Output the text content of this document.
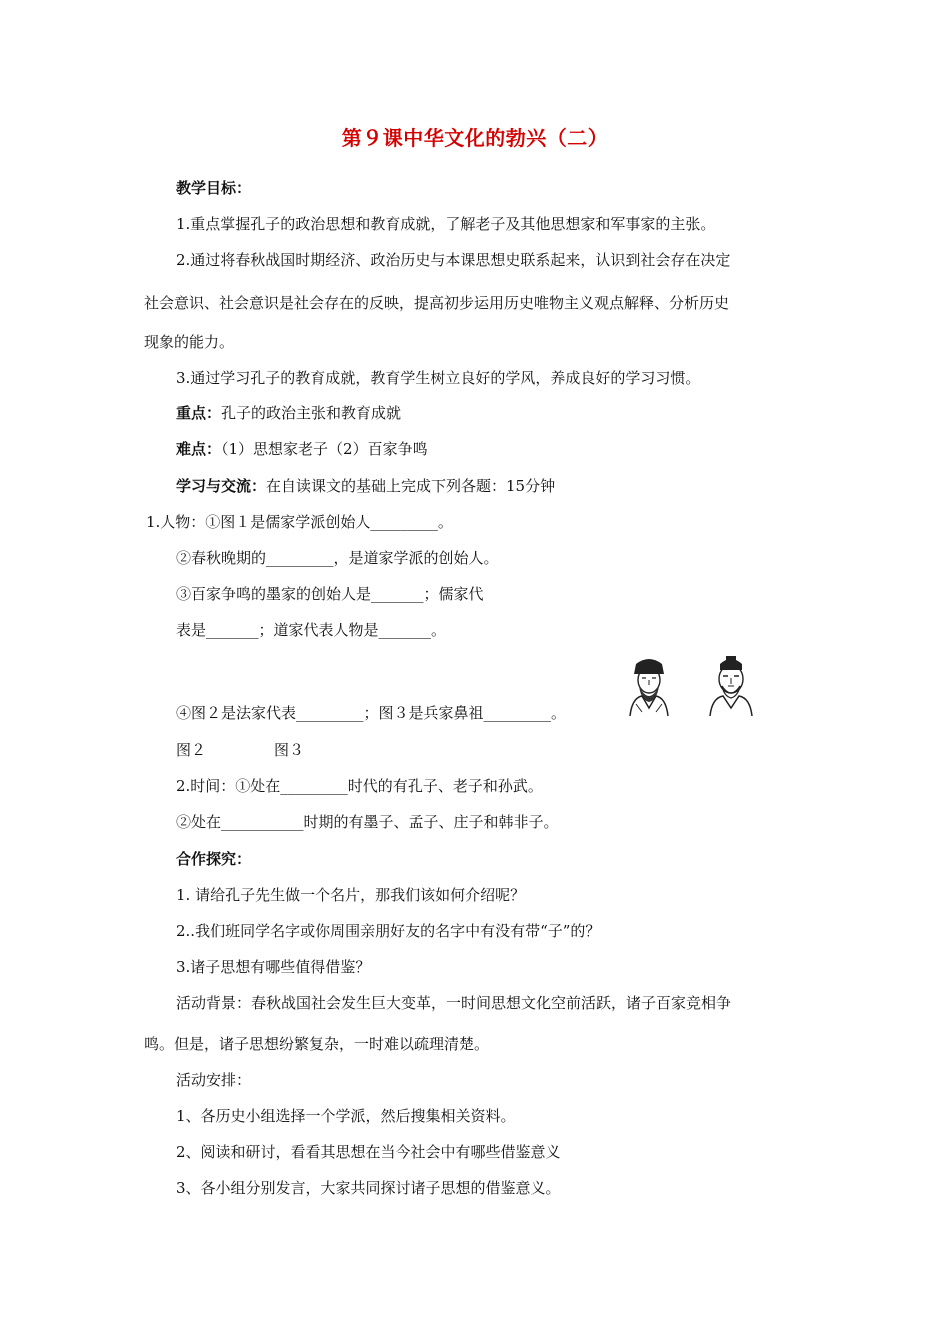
第９课中华文化的勃兴（二）
教学目标：
1.重点掌握孔子的政治思想和教育成就，了解老子及其他思想家和军事家的主张。
2.通过将春秋战国时期经济、政治历史与本课思想史联系起来，认识到社会存在决定
社会意识、社会意识是社会存在的反映，提高初步运用历史唯物主义观点解释、分析历史
现象的能力。
3.通过学习孔子的教育成就，教育学生树立良好的学风，养成良好的学习习惯。
重点：孔子的政治主张和教育成就
难点：（1）思想家老子（2）百家争鸣
学习与交流：在自读课文的基础上完成下列各题：15分钟
1.人物：①图１是儒家学派创始人_________。
②春秋晚期的_________，是道家学派的创始人。
③百家争鸣的墨家的创始人是_______；儒家代
表是_______；道家代表人物是_______。
④图２是法家代表_________；图３是兵家鼻祖_________。
图２	图３
2.时间：①处在_________时代的有孔子、老子和孙武。
②处在___________时期的有墨子、孟子、庄子和韩非子。
合作探究：
1. 请给孔子先生做一个名片，那我们该如何介绍呢？
2..我们班同学名字或你周围亲朋好友的名字中有没有带“子”的？
3.诸子思想有哪些值得借鉴？
活动背景：春秋战国社会发生巨大变革，一时间思想文化空前活跃，诸子百家竞相争
鸣。但是，诸子思想纷繁复杂，一时难以疏理清楚。
活动安排：
1、各历史小组选择一个学派，然后搜集相关资料。
2、阅读和研讨，看看其思想在当今社会中有哪些借鉴意义
3、各小组分别发言，大家共同探讨诸子思想的借鉴意义。
